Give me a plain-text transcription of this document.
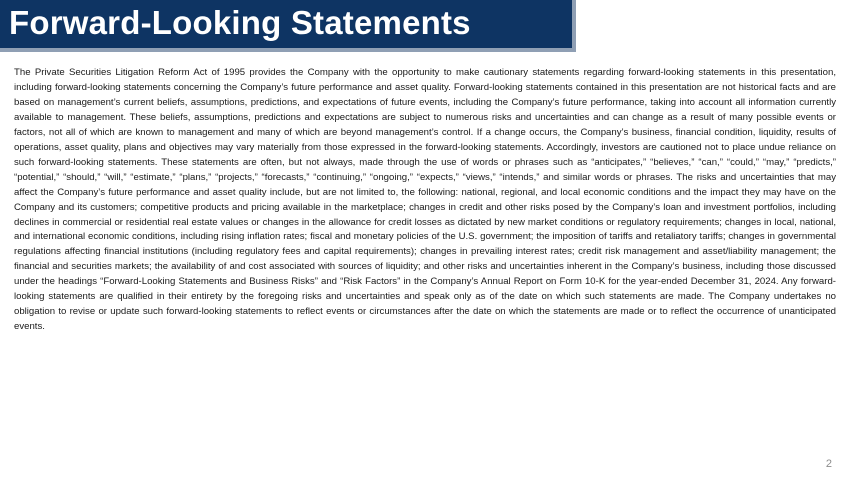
Forward-Looking Statements

The Private Securities Litigation Reform Act of 1995 provides the Company with the opportunity to make cautionary statements regarding forward-looking statements in this presentation, including forward-looking statements concerning the Company’s future performance and asset quality. Forward-looking statements contained in this presentation are not historical facts and are based on management’s current beliefs, assumptions, predictions, and expectations of future events, including the Company’s future performance, taking into account all information currently available to management. These beliefs, assumptions, predictions and expectations are subject to numerous risks and uncertainties and can change as a result of many possible events or factors, not all of which are known to management and many of which are beyond management’s control. If a change occurs, the Company’s business, financial condition, liquidity, results of operations, asset quality, plans and objectives may vary materially from those expressed in the forward-looking statements. Accordingly, investors are cautioned not to place undue reliance on such forward-looking statements. These statements are often, but not always, made through the use of words or phrases such as “anticipates,” “believes,” “can,” “could,” “may,” “predicts,” “potential,” “should,” “will,” “estimate,” “plans,” “projects,” “forecasts,” “continuing,” “ongoing,” “expects,” “views,” “intends,” and similar words or phrases. The risks and uncertainties that may affect the Company’s future performance and asset quality include, but are not limited to, the following: national, regional, and local economic conditions and the impact they may have on the Company and its customers; competitive products and pricing available in the marketplace; changes in credit and other risks posed by the Company’s loan and investment portfolios, including declines in commercial or residential real estate values or changes in the allowance for credit losses as dictated by new market conditions or regulatory requirements; changes in local, national, and international economic conditions, including rising inflation rates; fiscal and monetary policies of the U.S. government; the imposition of tariffs and retaliatory tariffs; changes in governmental regulations affecting financial institutions (including regulatory fees and capital requirements); changes in prevailing interest rates; credit risk management and asset/liability management; the financial and securities markets; the availability of and cost associated with sources of liquidity; and other risks and uncertainties inherent in the Company’s business, including those discussed under the headings “Forward-Looking Statements and Business Risks” and “Risk Factors” in the Company’s Annual Report on Form 10-K for the year-ended December 31, 2024. Any forward-looking statements are qualified in their entirety by the foregoing risks and uncertainties and speak only as of the date on which such statements are made. The Company undertakes no obligation to revise or update such forward-looking statements to reflect events or circumstances after the date on which the statements are made or to reflect the occurrence of unanticipated events.

2
